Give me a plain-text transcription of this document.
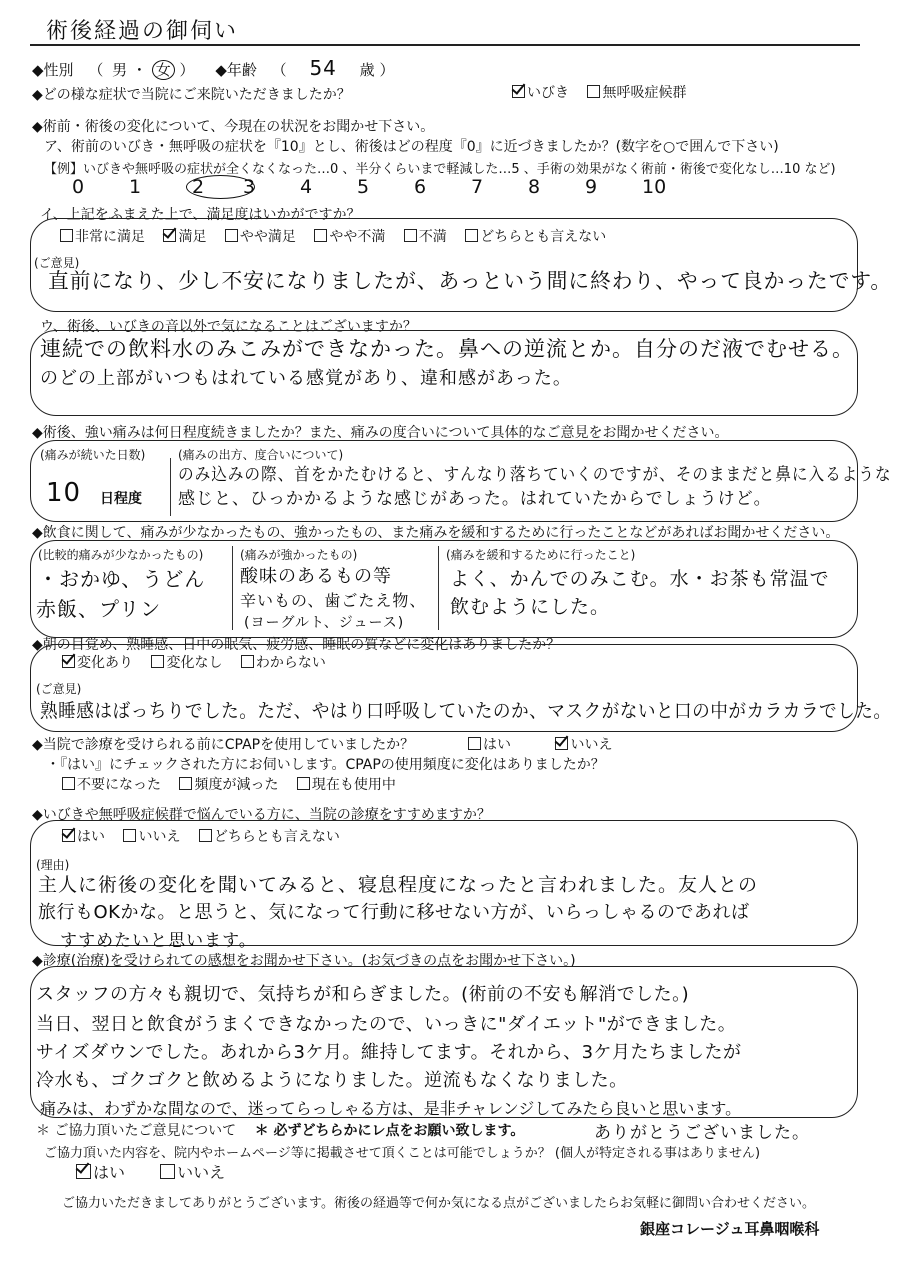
術後経過の御伺い
◆性別 （ 男 ・ 女 ） ◆年齢 （ 54 歳 ）
◆どの様な症状で当院にご来院いただきましたか？	いびき 無呼吸症候群
◆術前・術後の変化について、今現在の状況をお聞かせ下さい。
ア、術前のいびき・無呼吸の症状を『10』とし、術後はどの程度『0』に近づきましたか？(数字を○で囲んで下さい)
【例】いびきや無呼吸の症状が全くなくなった…0 、半分くらいまで軽減した…5 、手術の効果がなく術前・術後で変化なし…10 など)
0 1	2 3 4 5 6 7 8 9 10
イ、上記をふまえた上で、満足度はいかがですか？
非常に満足 満足 やや満足 やや不満 不満 どちらとも言えない
(ご意見)
直前になり、少し不安になりましたが、あっという間に終わり、やって良かったです。
ウ、術後、いびきの音以外で気になることはございますか？
連続での飲料水のみこみができなかった。鼻への逆流とか。自分のだ液でむせる。
のどの上部がいつもはれている感覚があり、違和感があった。
◆術後、強い痛みは何日程度続きましたか？また、痛みの度合いについて具体的なご意見をお聞かせください。
(痛みが続いた日数)
10 日程度
(痛みの出方、度合いについて)
のみ込みの際、首をかたむけると、すんなり落ちていくのですが、そのままだと鼻に入るような
感じと、ひっかかるような感じがあった。はれていたからでしょうけど。
◆飲食に関して、痛みが少なかったもの、強かったもの、また痛みを緩和するために行ったことなどがあればお聞かせください。
(比較的痛みが少なかったもの)
・おかゆ、うどん
赤飯、プリン
(痛みが強かったもの)
酸味のあるもの等
辛いもの、歯ごたえ物、
(ヨーグルト、ジュース)
(痛みを緩和するために行ったこと)
よく、かんでのみこむ。水・お茶も常温で
飲むようにした。
◆朝の目覚め、熟睡感、日中の眠気、疲労感、睡眠の質などに変化はありましたか？
変化あり 変化なし わからない
(ご意見)
熟睡感はばっちりでした。ただ、やはり口呼吸していたのか、マスクがないと口の中がカラカラでした。
◆当院で診療を受けられる前にCPAPを使用していましたか？	はい	いいえ
・『はい』にチェックされた方にお伺いします。CPAPの使用頻度に変化はありましたか？
不要になった 頻度が減った 現在も使用中
◆いびきや無呼吸症候群で悩んでいる方に、当院の診療をすすめますか？
はい いいえ どちらとも言えない
(理由)
主人に術後の変化を聞いてみると、寝息程度になったと言われました。友人との
旅行もOKかな。と思うと、気になって行動に移せない方が、いらっしゃるのであれば
すすめたいと思います。
◆診療(治療)を受けられての感想をお聞かせ下さい。(お気づきの点をお聞かせ下さい。)
スタッフの方々も親切で、気持ちが和らぎました。(術前の不安も解消でした。)
当日、翌日と飲食がうまくできなかったので、いっきに"ダイエット"ができました。
サイズダウンでした。あれから3ケ月。維持してます。それから、3ケ月たちましたが
冷水も、ゴクゴクと飲めるようになりました。逆流もなくなりました。
痛みは、わずかな間なので、迷ってらっしゃる方は、是非チャレンジしてみたら良いと思います。
＊ ご協力頂いたご意見について ＊ 必ずどちらかにレ点をお願い致します。	ありがとうございました。
ご協力頂いた内容を、院内やホームページ等に掲載させて頂くことは可能でしょうか？ (個人が特定される事はありません)
はい	いいえ
ご協力いただきましてありがとうございます。術後の経過等で何か気になる点がございましたらお気軽に御問い合わせください。
銀座コレージュ耳鼻咽喉科
